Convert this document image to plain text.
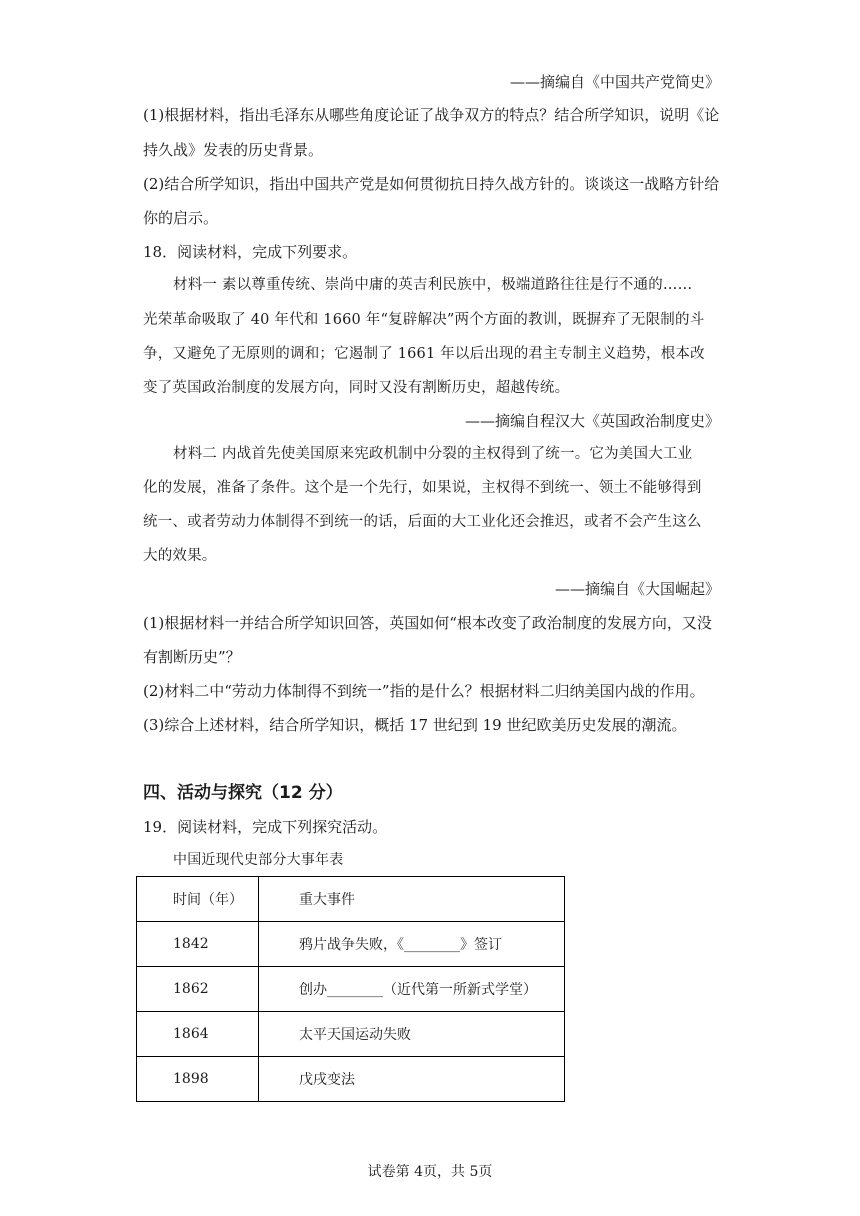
——摘编自《中国共产党简史》
(1)根据材料，指出毛泽东从哪些角度论证了战争双方的特点？结合所学知识，说明《论
持久战》发表的历史背景。
(2)结合所学知识，指出中国共产党是如何贯彻抗日持久战方针的。谈谈这一战略方针给
你的启示。
18．阅读材料，完成下列要求。
材料一 素以尊重传统、崇尚中庸的英吉利民族中，极端道路往往是行不通的……
光荣革命吸取了 40 年代和 1660 年“复辟解决”两个方面的教训，既摒弃了无限制的斗
争，又避免了无原则的调和；它遏制了 1661 年以后出现的君主专制主义趋势，根本改
变了英国政治制度的发展方向，同时又没有割断历史，超越传统。
——摘编自程汉大《英国政治制度史》
材料二 内战首先使美国原来宪政机制中分裂的主权得到了统一。它为美国大工业
化的发展，准备了条件。这个是一个先行，如果说，主权得不到统一、领土不能够得到
统一、或者劳动力体制得不到统一的话，后面的大工业化还会推迟，或者不会产生这么
大的效果。
——摘编自《大国崛起》
(1)根据材料一并结合所学知识回答，英国如何“根本改变了政治制度的发展方向，又没
有割断历史”？
(2)材料二中“劳动力体制得不到统一”指的是什么？根据材料二归纳美国内战的作用。
(3)综合上述材料，结合所学知识，概括 17 世纪到 19 世纪欧美历史发展的潮流。
四、活动与探究（12 分）
19．阅读材料，完成下列探究活动。
中国近现代史部分大事年表
时间（年）	重大事件
1842	鸦片战争失败，《________》签订
1862	创办________（近代第一所新式学堂）
1864	太平天国运动失败
1898	戊戌变法
试卷第 4页，共 5页
